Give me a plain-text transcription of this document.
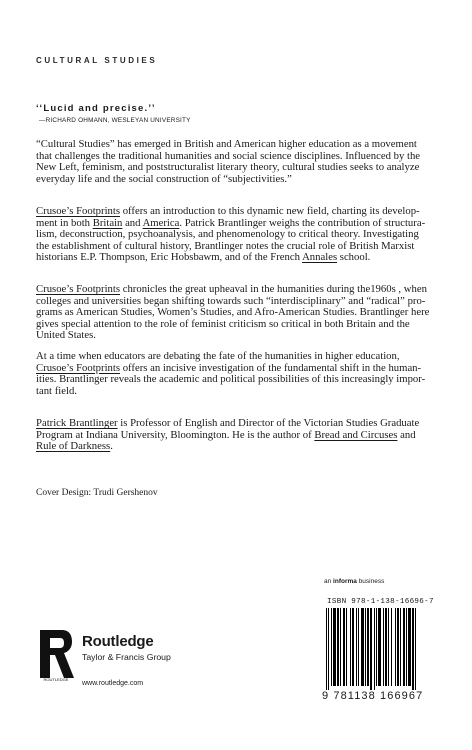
CULTURAL STUDIES
‘‘Lucid and precise.’’
—RICHARD OHMANN, WESLEYAN UNIVERSITY
“Cultural Studies” has emerged in British and American higher education as a movement
that challenges the traditional humanities and social science disciplines. Influenced by the
New Left, feminism, and poststructuralist literary theory, cultural studies seeks to analyze
everyday life and the social construction of “subjectivities.”
Crusoe’s Footprints offers an introduction to this dynamic new field, charting its develop-
ment in both Britain and America. Patrick Brantlinger weighs the contribution of structura-
lism, deconstruction, psychoanalysis, and phenomenology to critical theory. Investigating
the establishment of cultural history, Brantlinger notes the crucial role of British Marxist
historians E.P. Thompson, Eric Hobsbawm, and of the French Annales school.
Crusoe’s Footprints chronicles the great upheaval in the humanities during the1960s , when
colleges and universities began shifting towards such “interdisciplinary” and “radical” pro-
grams as American Studies, Women’s Studies, and Afro-American Studies. Brantlinger here
gives special attention to the role of feminist criticism so critical in both Britain and the
United States.
At a time when educators are debating the fate of the humanities in higher education,
Crusoe’s Footprints offers an incisive investigation of the fundamental shift in the human-
ities. Brantlinger reveals the academic and political possibilities of this increasingly impor-
tant field.
Patrick Brantlinger is Professor of English and Director of the Victorian Studies Graduate
Program at Indiana University, Bloomington. He is the author of Bread and Circuses and
Rule of Darkness.
Cover Design: Trudi Gershenov
an informa business
ISBN 978-1-138-16696-7
9 781138 166967
ROUTLEDGE
Routledge
Taylor & Francis Group
www.routledge.com
